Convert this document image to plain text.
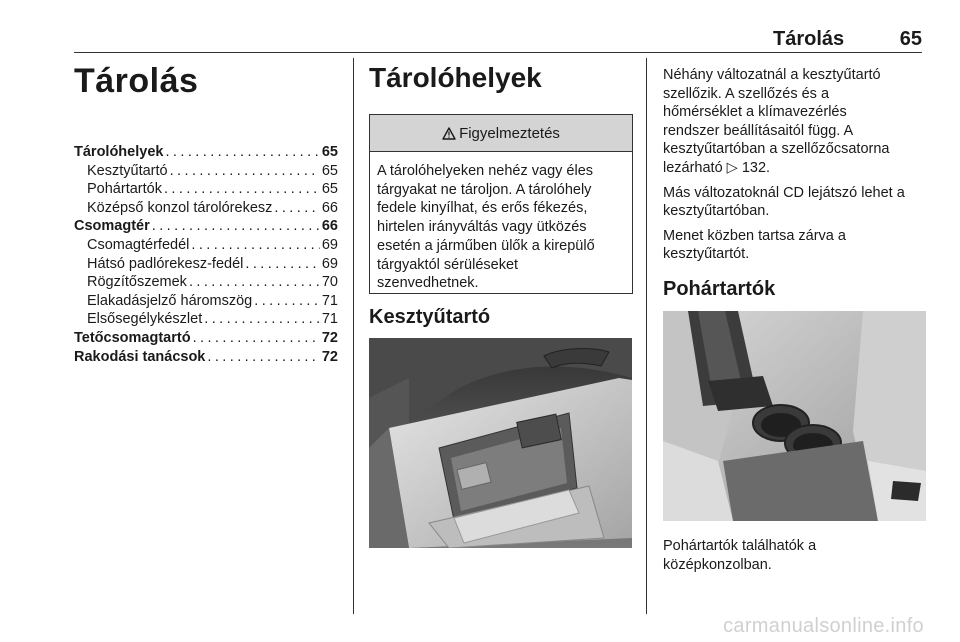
Tárolás	65
Tárolás
Tárolóhelyek . . .	65
Kesztyűtartó . . .	65
Pohártartók . . .	65
Középső konzol tárolórekesz . . .	66
Csomagtér . . .	66
Csomagtérfedél . . .	69
Hátsó padlórekesz-fedél . . .	69
Rögzítőszemek . . .	70
Elakadásjelző háromszög . . .	71
Elsősegélykészlet . . .	71
Tetőcsomagtartó . . .	72
Rakodási tanácsok . . .	72
Tárolóhelyek
Figyelmeztetés
A tárolóhelyeken nehéz vagy éles
tárgyakat ne tároljon. A tárolóhely
fedele kinyílhat, és erős fékezés,
hirtelen irányváltás vagy ütközés
esetén a járműben ülők a kirepülő
tárgyaktól sérüléseket
szenvedhetnek.
Kesztyűtartó

Néhány változatnál a kesztyűtartó
szellőzik. A szellőzés és a
hőmérséklet a klímavezérlés
rendszer beállításaitól függ. A
kesztyűtartóban a szellőzőcsatorna
lezárható ▷ 132.

Más változatoknál CD lejátszó lehet a
kesztyűtartóban.

Menet közben tartsa zárva a
kesztyűtartót.

Pohártartók
Pohártartók találhatók a
középkonzolban.
carmanualsonline.info
